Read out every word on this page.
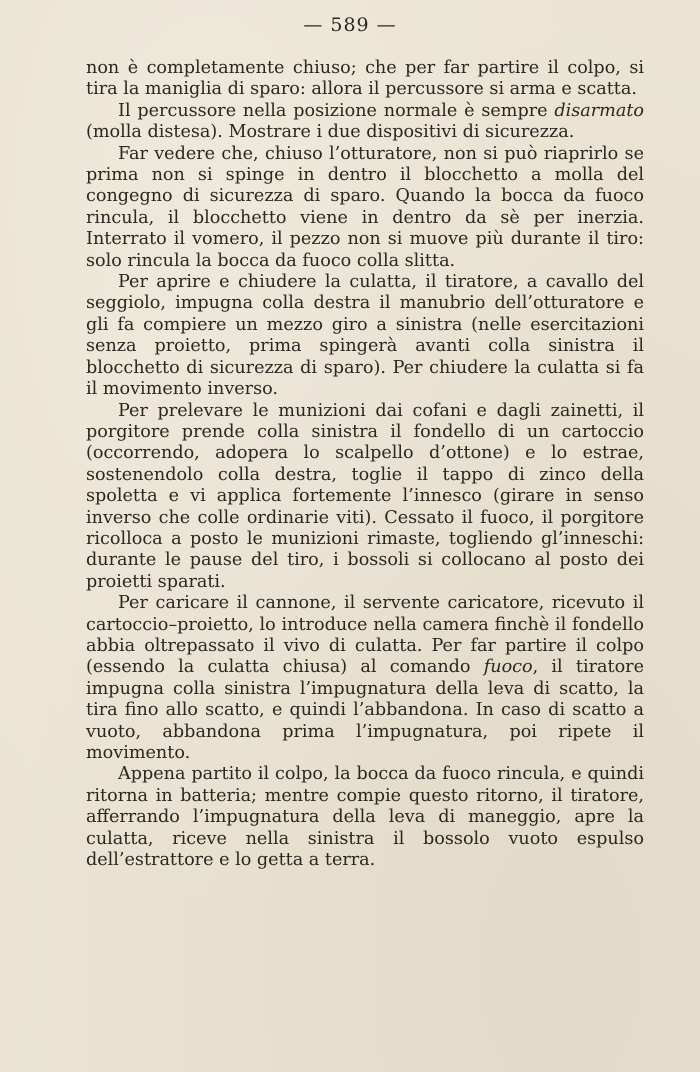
— 589 —

non è completamente chiuso; che per far partire il colpo, si tira la maniglia di sparo: allora il percussore si arma e scatta.

Il percussore nella posizione normale è sempre disarmato (molla distesa). Mostrare i due dispositivi di sicurezza.

Far vedere che, chiuso l’otturatore, non si può riaprirlo se prima non si spinge in dentro il blocchetto a molla del congegno di sicurezza di sparo. Quando la bocca da fuoco rincula, il blocchetto viene in dentro da sè per inerzia. Interrato il vomero, il pezzo non si muove più durante il tiro: solo rincula la bocca da fuoco colla slitta.

Per aprire e chiudere la culatta, il tiratore, a cavallo del seggiolo, impugna colla destra il manubrio dell’otturatore e gli fa compiere un mezzo giro a sinistra (nelle esercitazioni senza proietto, prima spingerà avanti colla sinistra il blocchetto di sicurezza di sparo). Per chiudere la culatta si fa il movimento inverso.

Per prelevare le munizioni dai cofani e dagli zainetti, il porgitore prende colla sinistra il fondello di un cartoccio (occorrendo, adopera lo scalpello d’ottone) e lo estrae, sostenendolo colla destra, toglie il tappo di zinco della spoletta e vi applica fortemente l’innesco (girare in senso inverso che colle ordinarie viti). Cessato il fuoco, il porgitore ricolloca a posto le munizioni rimaste, togliendo gl’inneschi: durante le pause del tiro, i bossoli si collocano al posto dei proietti sparati.

Per caricare il cannone, il servente caricatore, ricevuto il cartoccio–proietto, lo introduce nella camera finchè il fondello abbia oltrepassato il vivo di culatta. Per far partire il colpo (essendo la culatta chiusa) al comando fuoco, il tiratore impugna colla sinistra l’impugnatura della leva di scatto, la tira fino allo scatto, e quindi l’abbandona. In caso di scatto a vuoto, abbandona prima l’impugnatura, poi ripete il movimento.

Appena partito il colpo, la bocca da fuoco rincula, e quindi ritorna in batteria; mentre compie questo ritorno, il tiratore, afferrando l’impugnatura della leva di maneggio, apre la culatta, riceve nella sinistra il bossolo vuoto espulso dell’estrattore e lo getta a terra.
